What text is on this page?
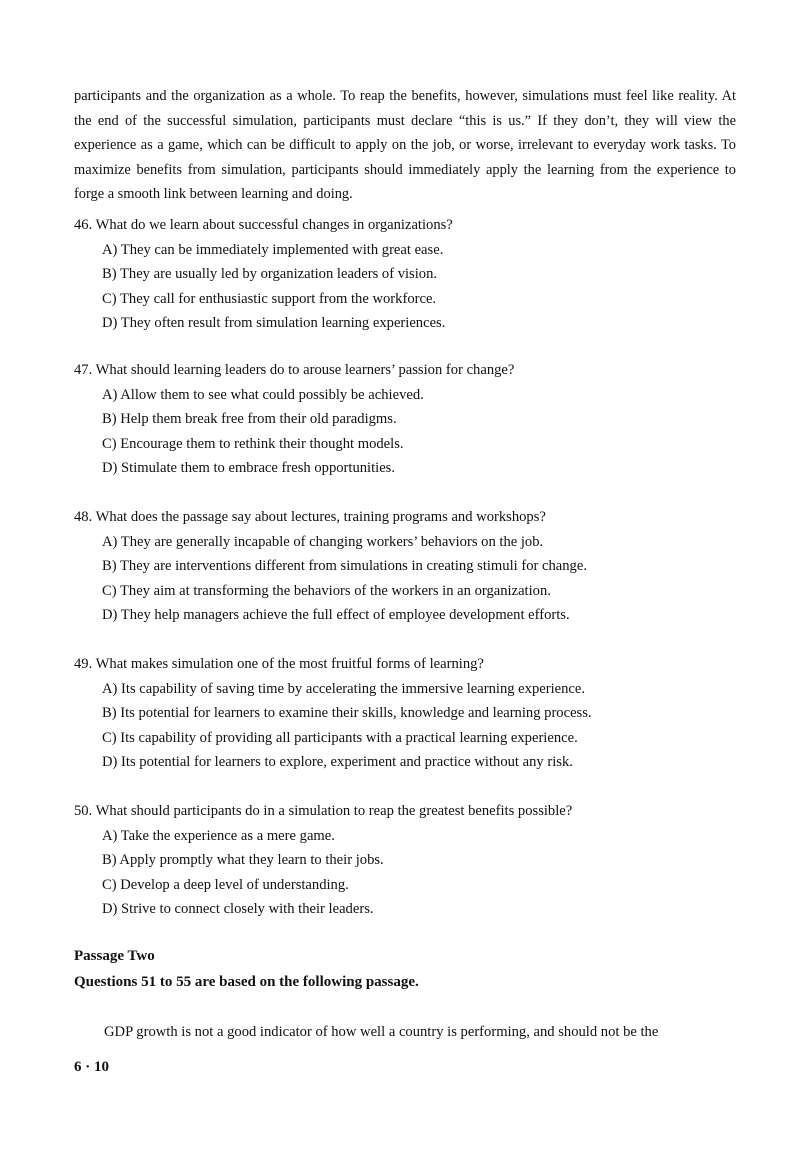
participants and the organization as a whole. To reap the benefits, however, simulations must feel like reality. At the end of the successful simulation, participants must declare “this is us.” If they don’t, they will view the experience as a game, which can be difficult to apply on the job, or worse, irrelevant to everyday work tasks. To maximize benefits from simulation, participants should immediately apply the learning from the experience to forge a smooth link between learning and doing.

46. What do we learn about successful changes in organizations?
A) They can be immediately implemented with great ease.
B) They are usually led by organization leaders of vision.
C) They call for enthusiastic support from the workforce.
D) They often result from simulation learning experiences.
47. What should learning leaders do to arouse learners’ passion for change?
A) Allow them to see what could possibly be achieved.
B) Help them break free from their old paradigms.
C) Encourage them to rethink their thought models.
D) Stimulate them to embrace fresh opportunities.
48. What does the passage say about lectures, training programs and workshops?
A) They are generally incapable of changing workers’ behaviors on the job.
B) They are interventions different from simulations in creating stimuli for change.
C) They aim at transforming the behaviors of the workers in an organization.
D) They help managers achieve the full effect of employee development efforts.
49. What makes simulation one of the most fruitful forms of learning?
A) Its capability of saving time by accelerating the immersive learning experience.
B) Its potential for learners to examine their skills, knowledge and learning process.
C) Its capability of providing all participants with a practical learning experience.
D) Its potential for learners to explore, experiment and practice without any risk.
50. What should participants do in a simulation to reap the greatest benefits possible?
A) Take the experience as a mere game.
B) Apply promptly what they learn to their jobs.
C) Develop a deep level of understanding.
D) Strive to connect closely with their leaders.
Passage Two
Questions 51 to 55 are based on the following passage.
GDP growth is not a good indicator of how well a country is performing, and should not be the
6 · 10
